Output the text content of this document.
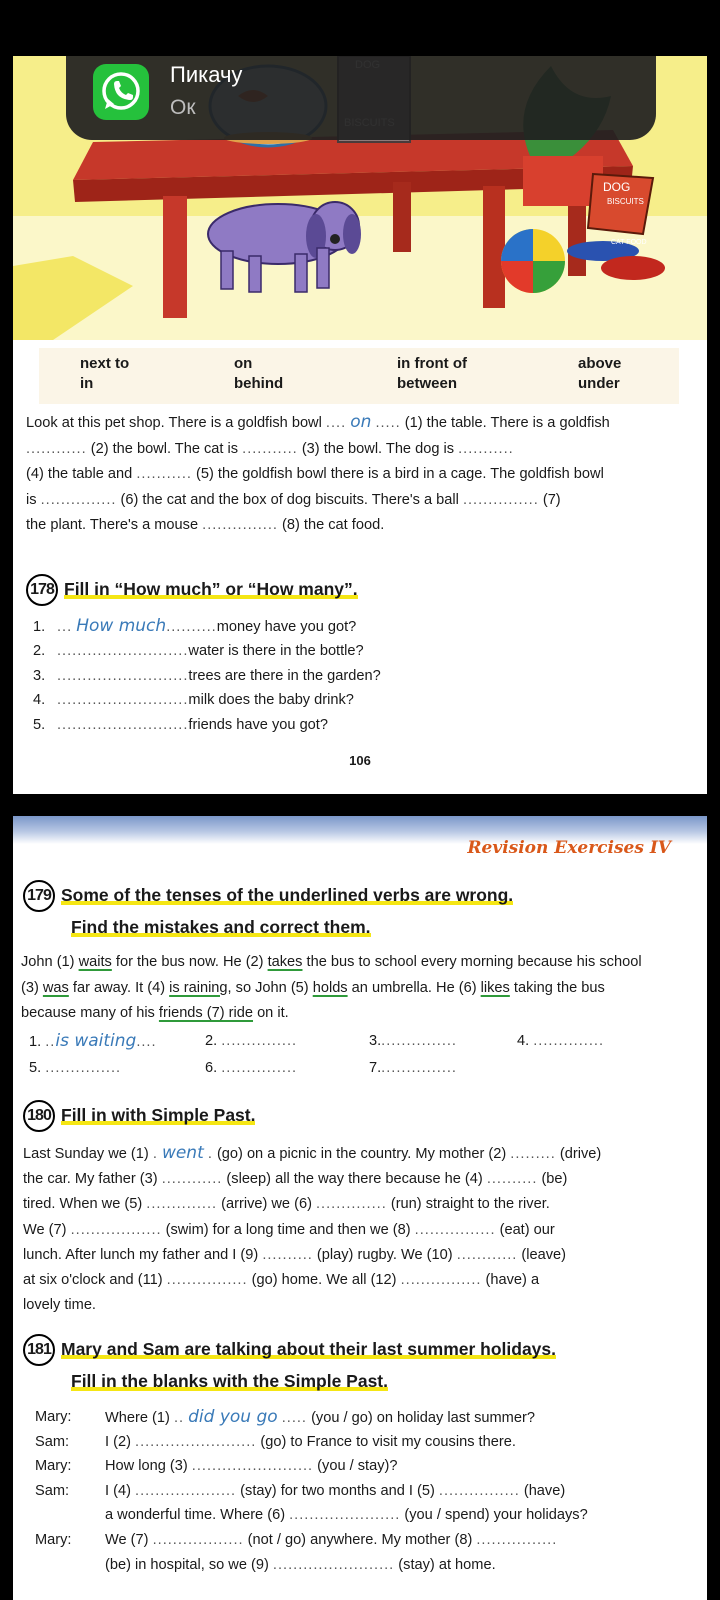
DOG
BISCUITS
CAT FOOD
next to	on	in front of	above
in	behind	between	under
Look at this pet shop. There is a goldfish bowl .... on ..... (1) the table. There is a goldfish
............ (2) the bowl. The cat is ........... (3) the bowl. The dog is ...........
(4) the table and ........... (5) the goldfish bowl there is a bird in a cage. The goldfish bowl
is ............... (6) the cat and the box of dog biscuits. There's a ball ............... (7)
the plant. There's a mouse ............... (8) the cat food.
178 Fill in “How much” or “How many”.
1. ... How much..........money have you got?
2. ..........................water is there in the bottle?
3. ..........................trees are there in the garden?
4. ..........................milk does the baby drink?
5. ..........................friends have you got?
106
Пикачу
Ок
Revision Exercises IV
179 Some of the tenses of the underlined verbs are wrong.
Find the mistakes and correct them.
John (1) waits for the bus now. He (2) takes the bus to school every morning because his school
(3) was far away. It (4) is raining, so John (5) holds an umbrella. He (6) likes taking the bus
because many of his friends (7) ride on it.
1. ..is waiting....	2. ...............	3................	4. ..............
5. ...............	6. ...............	7................
180 Fill in with Simple Past.
Last Sunday we (1) . went . (go) on a picnic in the country. My mother (2) ......... (drive)
the car. My father (3) ............ (sleep) all the way there because he (4) .......... (be)
tired. When we (5) .............. (arrive) we (6) .............. (run) straight to the river.
We (7) .................. (swim) for a long time and then we (8) ................ (eat) our
lunch. After lunch my father and I (9) .......... (play) rugby. We (10) ............ (leave)
at six o'clock and (11) ................ (go) home. We all (12) ................ (have) a
lovely time.
181 Mary and Sam are talking about their last summer holidays.
Fill in the blanks with the Simple Past.
Mary: Where (1) .. did you go ..... (you / go) on holiday last summer?
Sam: I (2) ........................ (go) to France to visit my cousins there.
Mary: How long (3) ........................ (you / stay)?
Sam: I (4) .................... (stay) for two months and I (5) ................ (have)
a wonderful time. Where (6) ...................... (you / spend) your holidays?
Mary: We (7) .................. (not / go) anywhere. My mother (8) ................
(be) in hospital, so we (9) ........................ (stay) at home.
